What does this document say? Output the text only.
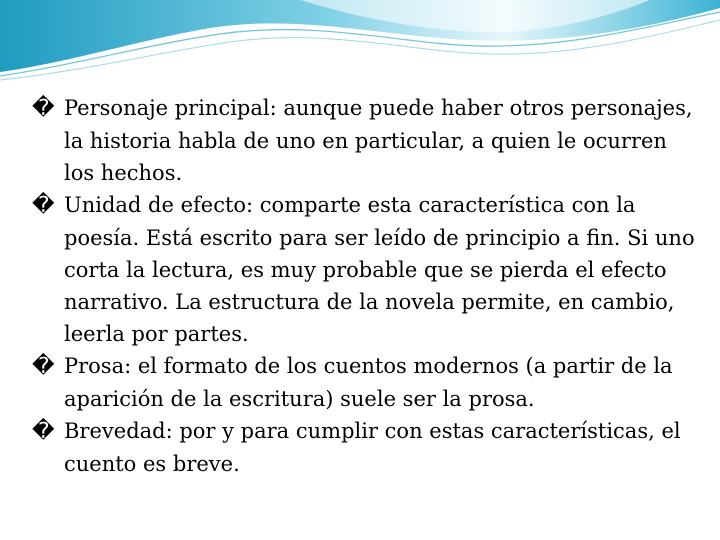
� Personaje principal: aunque puede haber otros personajes, la historia habla de uno en particular, a quien le ocurren los hechos.

� Unidad de efecto: comparte esta característica con la poesía. Está escrito para ser leído de principio a fin. Si uno corta la lectura, es muy probable que se pierda el efecto narrativo. La estructura de la novela permite, en cambio, leerla por partes.

� Prosa: el formato de los cuentos modernos (a partir de la aparición de la escritura) suele ser la prosa.

� Brevedad: por y para cumplir con estas características, el cuento es breve.
